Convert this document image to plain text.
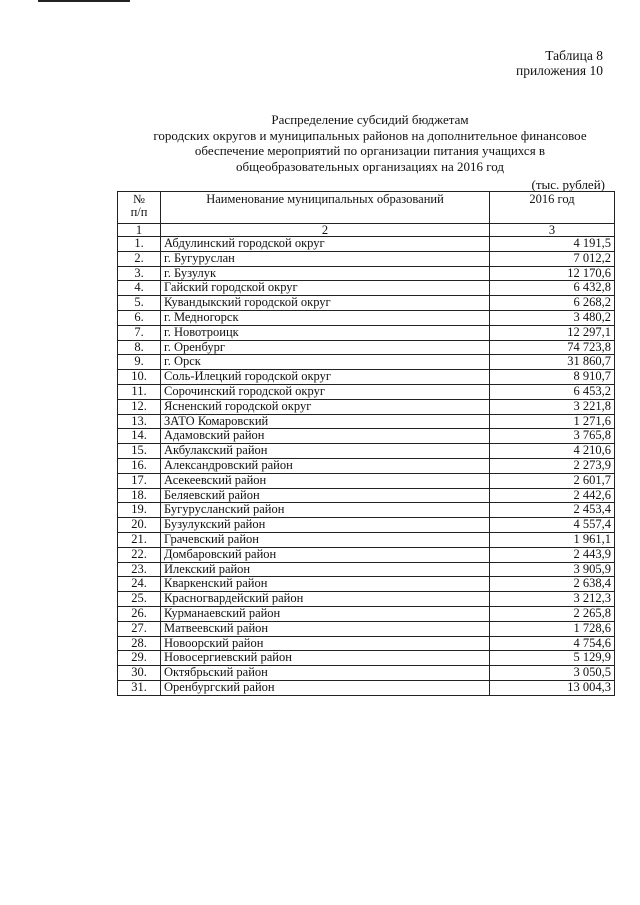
Таблица 8
приложения 10
Распределение субсидий бюджетам
городских округов и муниципальных районов на дополнительное финансовое
обеспечение мероприятий по организации питания учащихся в
общеобразовательных организациях на 2016 год
(тыс. рублей)
№
п/п	Наименование муниципальных образований	2016 год
1	2	3
1.	Абдулинский городской округ	4 191,5
2.	г. Бугуруслан	7 012,2
3.	г. Бузулук	12 170,6
4.	Гайский городской округ	6 432,8
5.	Кувандыкский городской округ	6 268,2
6.	г. Медногорск	3 480,2
7.	г. Новотроицк	12 297,1
8.	г. Оренбург	74 723,8
9.	г. Орск	31 860,7
10.	Соль-Илецкий городской округ	8 910,7
11.	Сорочинский городской округ	6 453,2
12.	Ясненский городской округ	3 221,8
13.	ЗАТО Комаровский	1 271,6
14.	Адамовский район	3 765,8
15.	Акбулакский район	4 210,6
16.	Александровский район	2 273,9
17.	Асекеевский район	2 601,7
18.	Беляевский район	2 442,6
19.	Бугурусланский район	2 453,4
20.	Бузулукский район	4 557,4
21.	Грачевский район	1 961,1
22.	Домбаровский район	2 443,9
23.	Илекский район	3 905,9
24.	Кваркенский район	2 638,4
25.	Красногвардейский район	3 212,3
26.	Курманаевский район	2 265,8
27.	Матвеевский район	1 728,6
28.	Новоорский район	4 754,6
29.	Новосергиевский район	5 129,9
30.	Октябрьский район	3 050,5
31.	Оренбургский район	13 004,3
